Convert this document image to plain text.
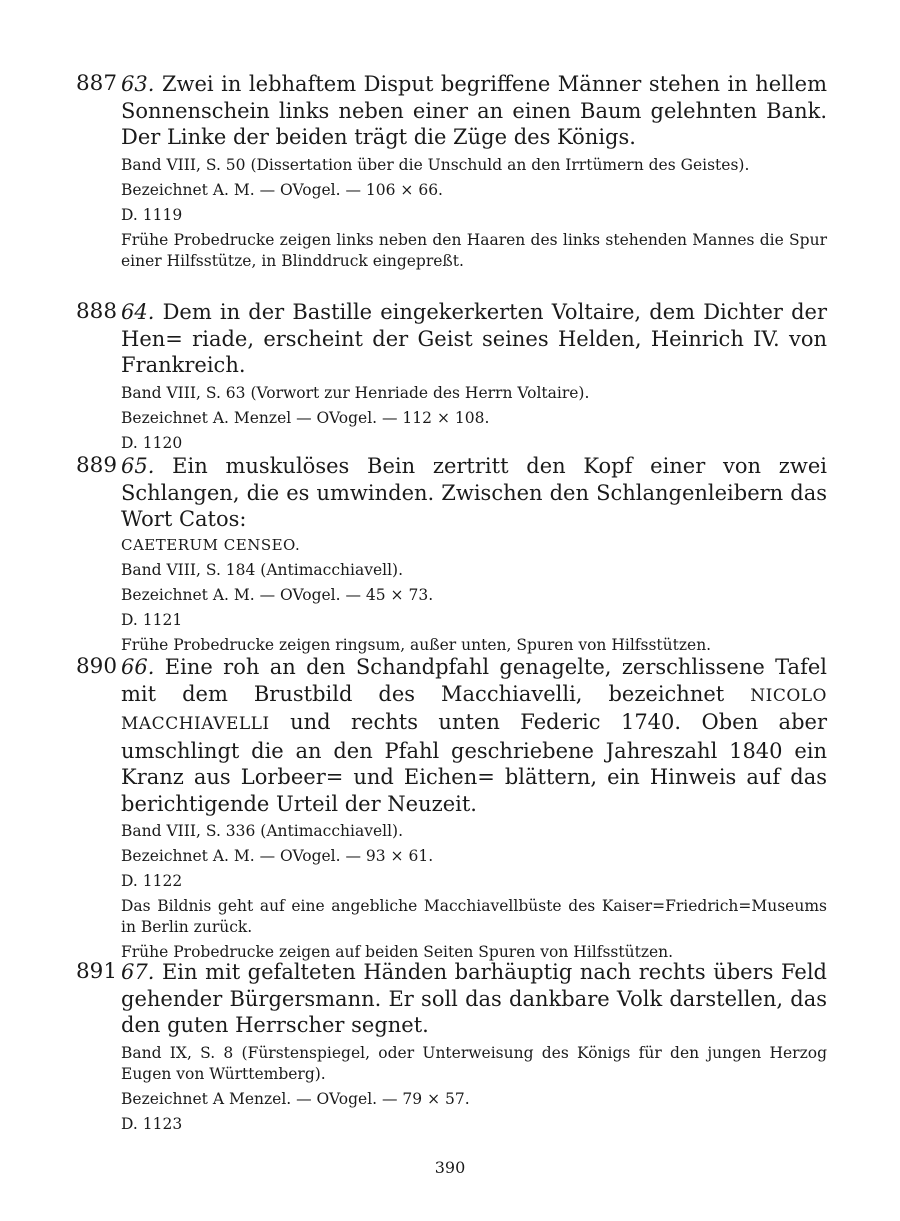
887 63. Zwei in lebhaftem Disput begriffene Männer stehen in hellem Sonnenschein links neben einer an einen Baum gelehnten Bank. Der Linke der beiden trägt die Züge des Königs.

Band VIII, S. 50 (Dissertation über die Unschuld an den Irrtümern des Geistes).

Bezeichnet A. M. — OVogel. — 106 × 66.

D. 1119

Frühe Probedrucke zeigen links neben den Haaren des links stehenden Mannes die Spur einer Hilfsstütze, in Blinddruck eingepreßt.

888 64. Dem in der Bastille eingekerkerten Voltaire, dem Dichter der Hen= riade, erscheint der Geist seines Helden, Heinrich IV. von Frankreich.

Band VIII, S. 63 (Vorwort zur Henriade des Herrn Voltaire).

Bezeichnet A. Menzel — OVogel. — 112 × 108.

D. 1120

889 65. Ein muskulöses Bein zertritt den Kopf einer von zwei Schlangen, die es umwinden. Zwischen den Schlangenleibern das Wort Catos:

CAETERUM CENSEO.

Band VIII, S. 184 (Antimacchiavell).

Bezeichnet A. M. — OVogel. — 45 × 73.

D. 1121

Frühe Probedrucke zeigen ringsum, außer unten, Spuren von Hilfsstützen.

890 66. Eine roh an den Schandpfahl genagelte, zerschlissene Tafel mit dem Brustbild des Macchiavelli, bezeichnet NICOLO MACCHIAVELLI und rechts unten Federic 1740. Oben aber umschlingt die an den Pfahl geschriebene Jahreszahl 1840 ein Kranz aus Lorbeer= und Eichen= blättern, ein Hinweis auf das berichtigende Urteil der Neuzeit.

Band VIII, S. 336 (Antimacchiavell).

Bezeichnet A. M. — OVogel. — 93 × 61.

D. 1122

Das Bildnis geht auf eine angebliche Macchiavellbüste des Kaiser=Friedrich=Museums in Berlin zurück.

Frühe Probedrucke zeigen auf beiden Seiten Spuren von Hilfsstützen.

891 67. Ein mit gefalteten Händen barhäuptig nach rechts übers Feld gehender Bürgersmann. Er soll das dankbare Volk darstellen, das den guten Herrscher segnet.

Band IX, S. 8 (Fürstenspiegel, oder Unterweisung des Königs für den jungen Herzog Eugen von Württemberg).

Bezeichnet A Menzel. — OVogel. — 79 × 57.

D. 1123

390
